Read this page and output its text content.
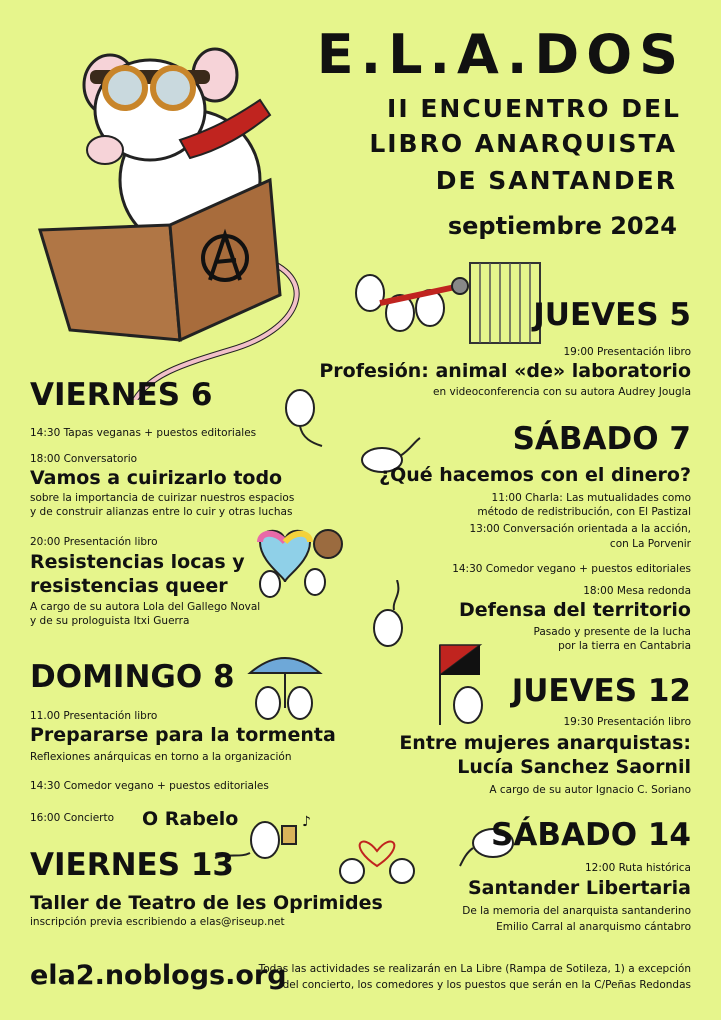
E.L.A.DOS
II ENCUENTRO DEL
LIBRO ANARQUISTA
DE SANTANDER
septiembre 2024
JUEVES 5
19:00 Presentación libro
Profesión: animal «de» laboratorio
en videoconferencia con su autora Audrey Jougla
VIERNES 6
14:30 Tapas veganas + puestos editoriales
18:00 Conversatorio
Vamos a cuirizarlo todo
sobre la importancia de cuirizar nuestros espacios
y de construir alianzas entre lo cuir y otras luchas
20:00 Presentación libro
Resistencias locas y
resistencias queer
A cargo de su autora Lola del Gallego Noval
y de su prologuista Itxi Guerra
SÁBADO 7
¿Qué hacemos con el dinero?
11:00 Charla: Las mutualidades como
método de redistribución, con El Pastizal
13:00 Conversación orientada a la acción,
con La Porvenir
14:30 Comedor vegano + puestos editoriales
18:00 Mesa redonda
Defensa del territorio
Pasado y presente de la lucha
por la tierra en Cantabria
DOMINGO 8
11.00 Presentación libro
Prepararse para la tormenta
Reflexiones anárquicas en torno a la organización
14:30 Comedor vegano + puestos editoriales
16:00 Concierto O Rabelo	♪
JUEVES 12
19:30 Presentación libro
Entre mujeres anarquistas:
Lucía Sanchez Saornil
A cargo de su autor Ignacio C. Soriano
VIERNES 13
Taller de Teatro de les Oprimides
inscripción previa escribiendo a elas@riseup.net
SÁBADO 14
12:00 Ruta histórica
Santander Libertaria
De la memoria del anarquista santanderino
Emilio Carral al anarquismo cántabro
ela2.noblogs.org
Todas las actividades se realizarán en La Libre (Rampa de Sotileza, 1) a excepción
del concierto, los comedores y los puestos que serán en la C/Peñas Redondas
